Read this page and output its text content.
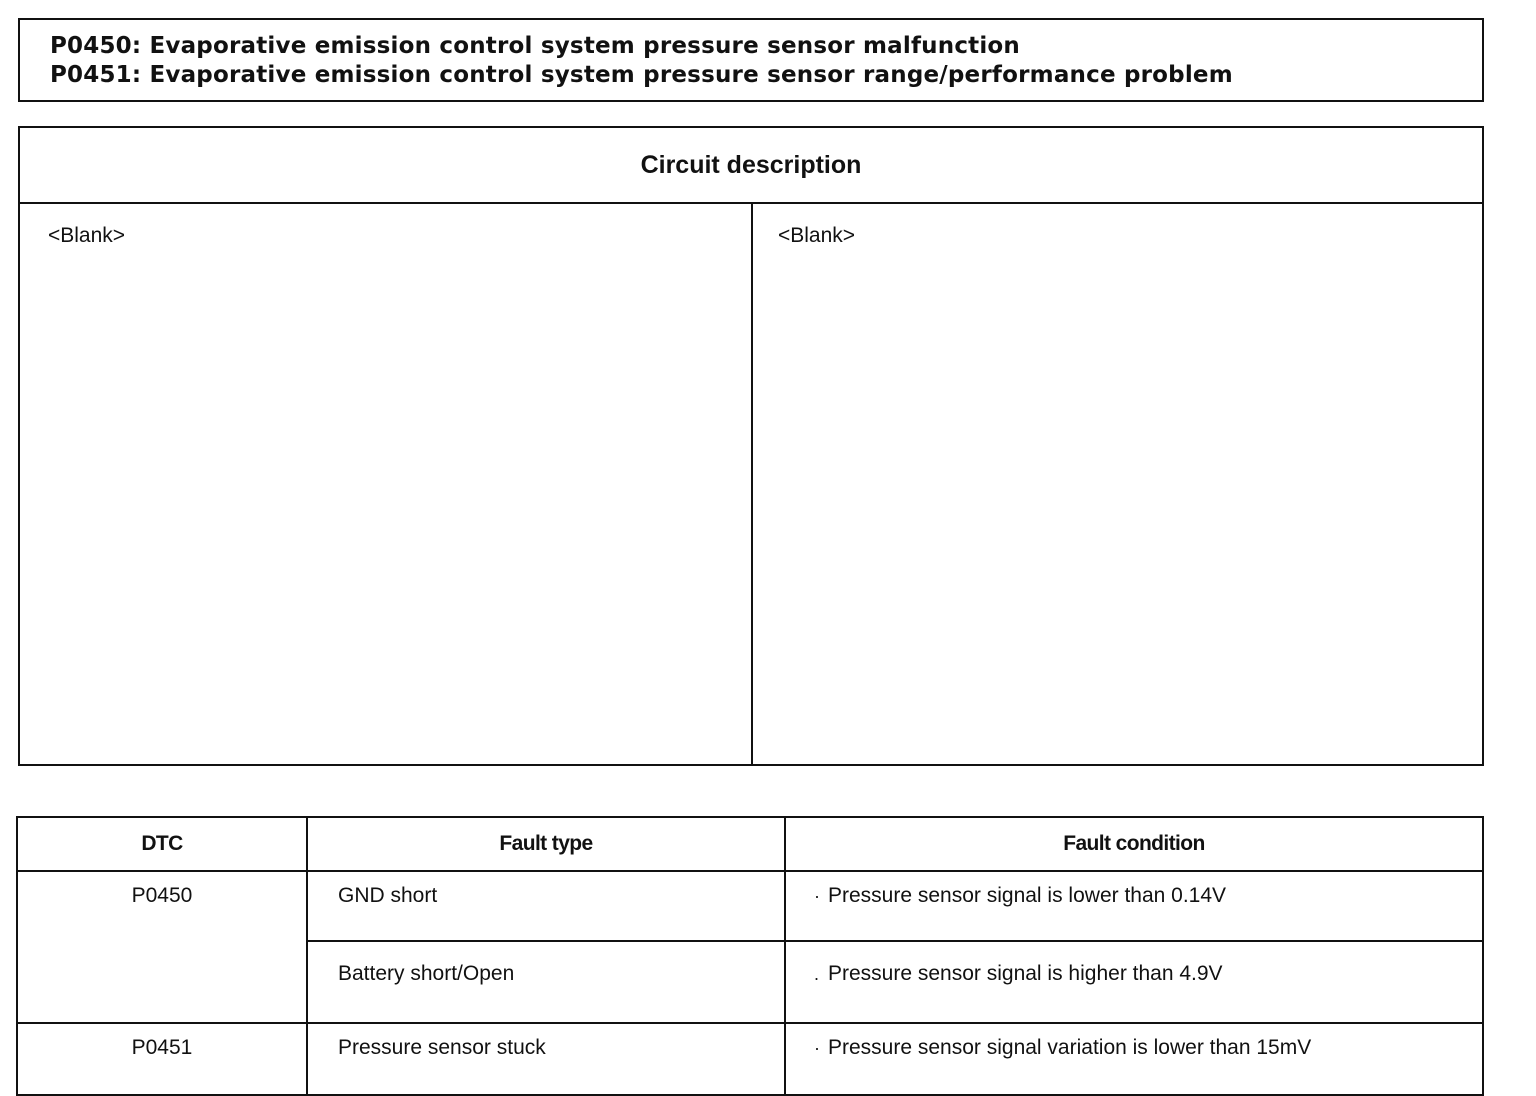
P0450: Evaporative emission control system pressure sensor malfunction
P0451: Evaporative emission control system pressure sensor range/performance problem
Circuit description
<Blank>	<Blank>
DTC	Fault type	Fault condition
P0450	GND short	· Pressure sensor signal is lower than 0.14V
	Battery short/Open	. Pressure sensor signal is higher than 4.9V
P0451	Pressure sensor stuck	· Pressure sensor signal variation is lower than 15mV
